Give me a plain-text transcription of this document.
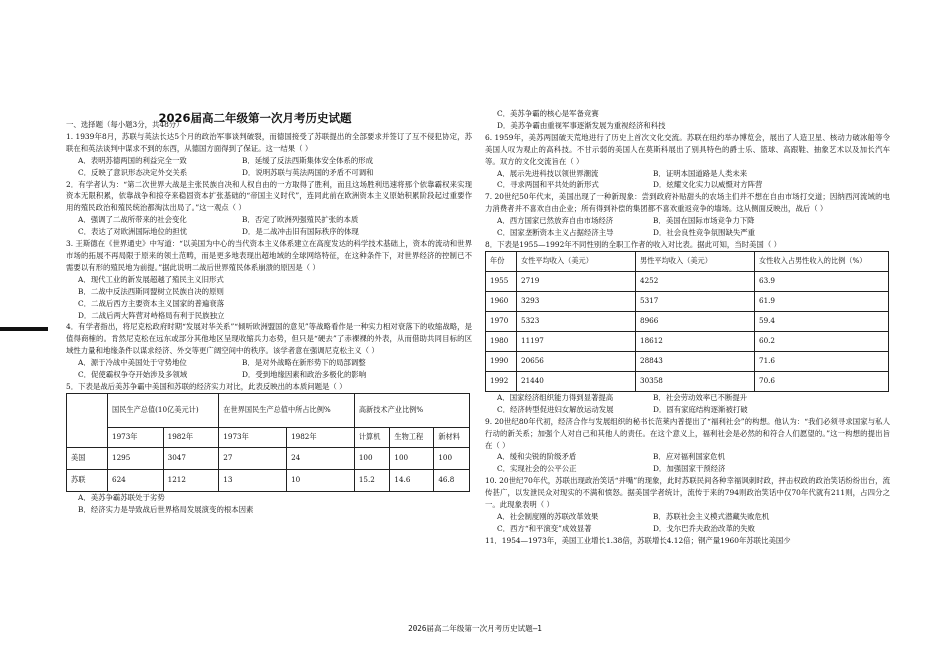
2026届高二年级第一次月考历史试题

一、选择题（每小题3分，共48分）

1. 1939年8月，苏联与英法长达5个月的政治军事谈判破裂，而德国接受了苏联提出的全部要求并签订了互不侵犯协定，苏联在和英法谈判中谋求不到的东西，从德国方面得到了保证。这一结果（ ）

A．表明苏德两国的利益完全一致	B．延缓了反法西斯集体安全体系的形成
C．反映了意识形态决定外交关系	D．说明苏联与英法两国的矛盾不可调和

2．有学者认为：“第二次世界大战是主张民族自决和人权自由的一方取得了胜利，而且这场胜利迅速将那个依靠霸权来实现资本无限积累，依靠战争和掠夺来稳固资本扩张基础的“帝国主义时代”，连同此前在欧洲资本主义原始积累阶段起过重要作用的殖民政治和殖民统治都淘汰出局了。”这一观点（ ）

A．强调了二战所带来的社会变化	B．否定了欧洲列强殖民扩张的本质
C．表达了对欧洲国际地位的担忧	D．是二战冲击旧有国际秩序的体现

3. 王斯德在《世界通史》中写道：“以美国为中心的当代资本主义体系建立在高度发达的科学技术基础上，资本的流动和世界市场的拓展不再局限于原来的领土范畴，而是更多地表现出超地域的全球网络特征，在这种条件下，对世界经济的控制已不需要以有形的殖民地为前提。”据此说明二战后世界殖民体系崩溃的原因是（ ）

A．现代工业的新发展超越了殖民主义旧形式

B．二战中反法西斯同盟树立民族自决的原则

C．二战后西方主要资本主义国家的普遍衰落

D．二战后两大阵营对峙格局有利于民族独立

4．有学者指出，将尼克松政府时期“发展对华关系”“倾听欧洲盟国的意见”等战略看作是一种实力相对衰落下的收缩战略，是值得商榷的。肯然尼克松在远东或部分其他地区呈现收缩兵力态势，但只是“硬去”了赤裸裸的外表，从而借助共同目标的区域性力量和地缘条件以谋求经济、外交等更广阔空间中的秩序。该学者意在强调尼克松主义（ ）

A．源于冷战中美国处于守势地位	B．是对外战略在新形势下的局部调整
C．促使霸权争夺开始涉及多领域	D．受到地缘因素和政治多极化的影响

5．下表是战后美苏争霸中美国和苏联的经济实力对比，此表反映出的本质问题是（ ）

	国民生产总值(10亿美元计)		在世界国民生产总值中所占比例%		高新技术产业比例%		
	1973年	1982年	1973年	1982年	计算机	生物工程	新材料
美国	1295	3047	27	24	100	100	100
苏联	624	1212	13	10	15.2	14.6	46.8

A．美苏争霸苏联处于劣势

B．经济实力是导致战后世界格局发展演变的根本因素

C．美苏争霸的核心是军备竞赛

D．美苏争霸由重视军事逐渐发展为重视经济和科技

6. 1959年，美苏两国破天荒地进行了历史上首次文化交流。苏联在纽约举办博览会，展出了人造卫星、核动力破冰船等令美国人叹为观止的高科技。不甘示弱的美国人在莫斯科展出了别具特色的爵士乐、篮球、高跟鞋、抽象艺术以及加长汽车等。双方的文化交流旨在（ ）

A．展示先进科技以领世界潮流	B．证明本国道路是人类未来
C．寻求两国和平共处的新形式	D．炫耀文化实力以威慑对方阵营

7. 20世纪50年代末，美国出现了一种新现象：尝到政府补贴甜头的农场主们并不想在自由市场打交道；因纳西河流域的电力消费者并不喜欢自由企业；所有得到补偿的集团都不喜欢重返竞争的墙场。这从侧面反映出，战后（ ）

A．西方国家已然放弃自由市场经济	B．美国在国际市场竞争力下降
C．国家垄断资本主义占据经济主导	D．社会良性竞争氛围缺失严重

8．下表是1955—1992年不同性别的全职工作者的收入对比表。据此可知，当时美国（ ）

年份	女性平均收入（美元）	男性平均收入（美元）	女性收入占男性收入的比例（%）
1955	2719	4252	63.9
1960	3293	5317	61.9
1970	5323	8966	59.4
1980	11197	18612	60.2
1990	20656	28843	71.6
1992	21440	30358	70.6
A．国家经济组织能力得到显著提高	B．社会劳动效率已不断提升
C．经济转型促进妇女解放运动发展	D．固有家庭结构逐渐被打破

9. 20世纪80年代初，经济合作与发展组织的秘书长范莱内普提出了“福利社会”的构想。他认为：“我们必须寻求国家与私人行动的新关系；加强个人对自己和其他人的责任。在这个意义上，福利社会是必然的和符合人们愿望的。”这一构想的提出旨在（ ）

A．缓和尖锐的阶级矛盾	B．应对福利国家危机
C．实现社会的公平公正	D．加强国家干预经济

10. 20世纪70年代，苏联出现政治笑话“并嘴”的现象，此时苏联民间各种幸福讽刺时政，抨击权政的政治笑话纷纷出台，流传甚广，以发泄民众对现实的不满和愤怒。据美国学者统计，流传于来的794则政治笑话中仅70年代就有211则，占四分之一。此现象表明（ ）

A．社会制度刚的苏联改革效果	B．苏联社会主义模式潜藏失败危机
C．西方“和平演变”成效显著	D．戈尔巴乔夫政治改革的失败

11．1954—1973年，美国工业增长1.38倍，苏联增长4.12倍；钢产量1960年苏联比美国少

2026届高二年级第一次月考历史试题—1
